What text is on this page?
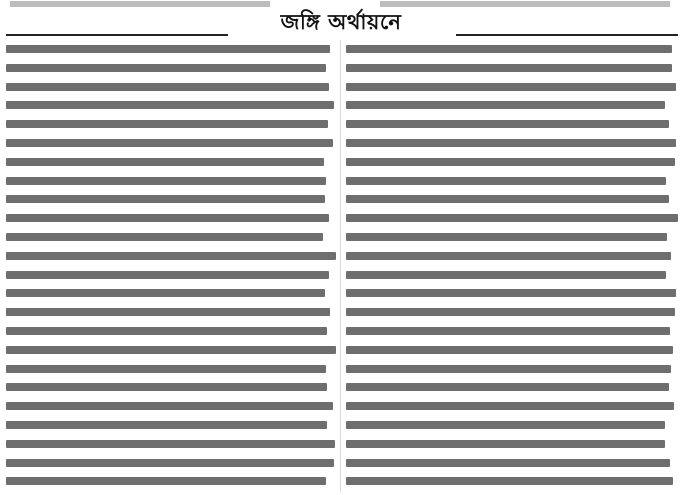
জঙ্গি অর্থায়নে
